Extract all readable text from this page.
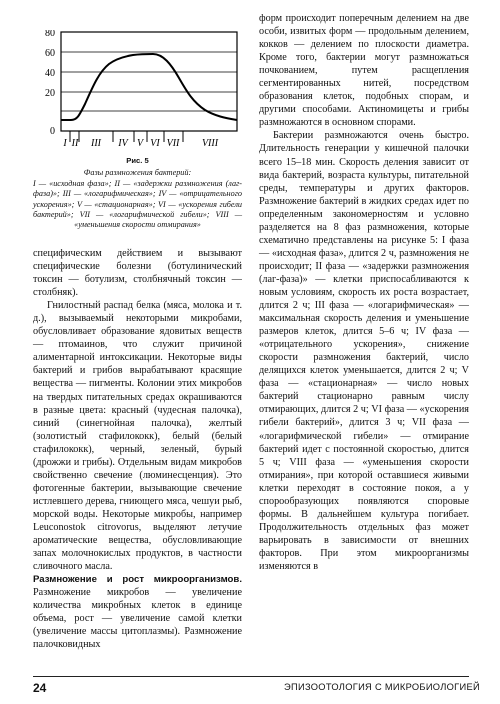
80
60
40
20
0
I II III IV V VI VII VIII
Рис. 5
Фазы размножения бактерий:
I — «исходная фаза»; II — «задержки размножения (лаг-фаза)»; III — «логарифмическая»; IV — «отрицательного ускорения»; V — «стационарная»; VI — «ускорения гибели бактерий»; VII — «логарифмической гибели»; VIII — «уменьшения скорости отмирания»

специфическим действием и вызывают специфические болезни (ботулинический токсин — ботулизм, столбнячный токсин — столбняк).

Гнилостный распад белка (мяса, молока и т. д.), вызываемый некоторыми микробами, обусловливает образование ядовитых веществ — птомаинов, что служит причиной алиментарной интоксикации. Некоторые виды бактерий и грибов вырабатывают красящие вещества — пигменты. Колонии этих микробов на твердых питательных средах окрашиваются в разные цвета: красный (чудесная палочка), синий (синегнойная палочка), желтый (золотистый стафилококк), белый (белый стафилококк), черный, зеленый, бурый (дрожжи и грибы). Отдельным видам микробов свойственно свечение (люминесценция). Это фотогенные бактерии, вызывающие свечение истлевшего дерева, гниющего мяса, чешуи рыб, морской воды. Некоторые микробы, например Leuconostok citrovorus, выделяют летучие ароматические вещества, обусловливающие запах молочнокислых продуктов, в частности сливочного масла.

Размножение и рост микроорганизмов. Размножение микробов — увеличение количества микробных клеток в единице объема, рост — увеличение самой клетки (увеличение массы цитоплазмы). Размножение палочковидных

форм происходит поперечным делением на две особи, извитых форм — продольным делением, кокков — делением по плоскости диаметра. Кроме того, бактерии могут размножаться почкованием, путем расщепления сегментированных нитей, посредством образования клеток, подобных спорам, и другими способами. Актиномицеты и грибы размножаются в основном спорами.

Бактерии размножаются очень быстро. Длительность генерации у кишечной палочки всего 15–18 мин. Скорость деления зависит от вида бактерий, возраста культуры, питательной среды, температуры и других факторов. Размножение бактерий в жидких средах идет по определенным закономерностям и условно разделяется на 8 фаз размножения, которые схематично представлены на рисунке 5: I фаза — «исходная фаза», длится 2 ч, размножения не происходит; II фаза — «задержки размножения (лаг-фаза)» — клетки приспосабливаются к новым условиям, скорость их роста возрастает, длится 2 ч; III фаза — «логарифмическая» — максимальная скорость деления и уменьшение размеров клеток, длится 5–6 ч; IV фаза — «отрицательного ускорения», снижение скорости размножения бактерий, число делящихся клеток уменьшается, длится 2 ч; V фаза — «стационарная» — число новых бактерий стационарно равным числу отмирающих, длится 2 ч; VI фаза — «ускорения гибели бактерий», длится 3 ч; VII фаза — «логарифмической гибели» — отмирание бактерий идет с постоянной скоростью, длится 5 ч; VIII фаза — «уменьшения скорости отмирания», при которой оставшиеся живыми клетки переходят в состояние покоя, а у спорообразующих появляются споровые формы. В дальнейшем культура погибает. Продолжительность отдельных фаз может варьировать в зависимости от внешних факторов. При этом микроорганизмы изменяются в

24	ЭПИЗООТОЛОГИЯ С МИКРОБИОЛОГИЕЙ
